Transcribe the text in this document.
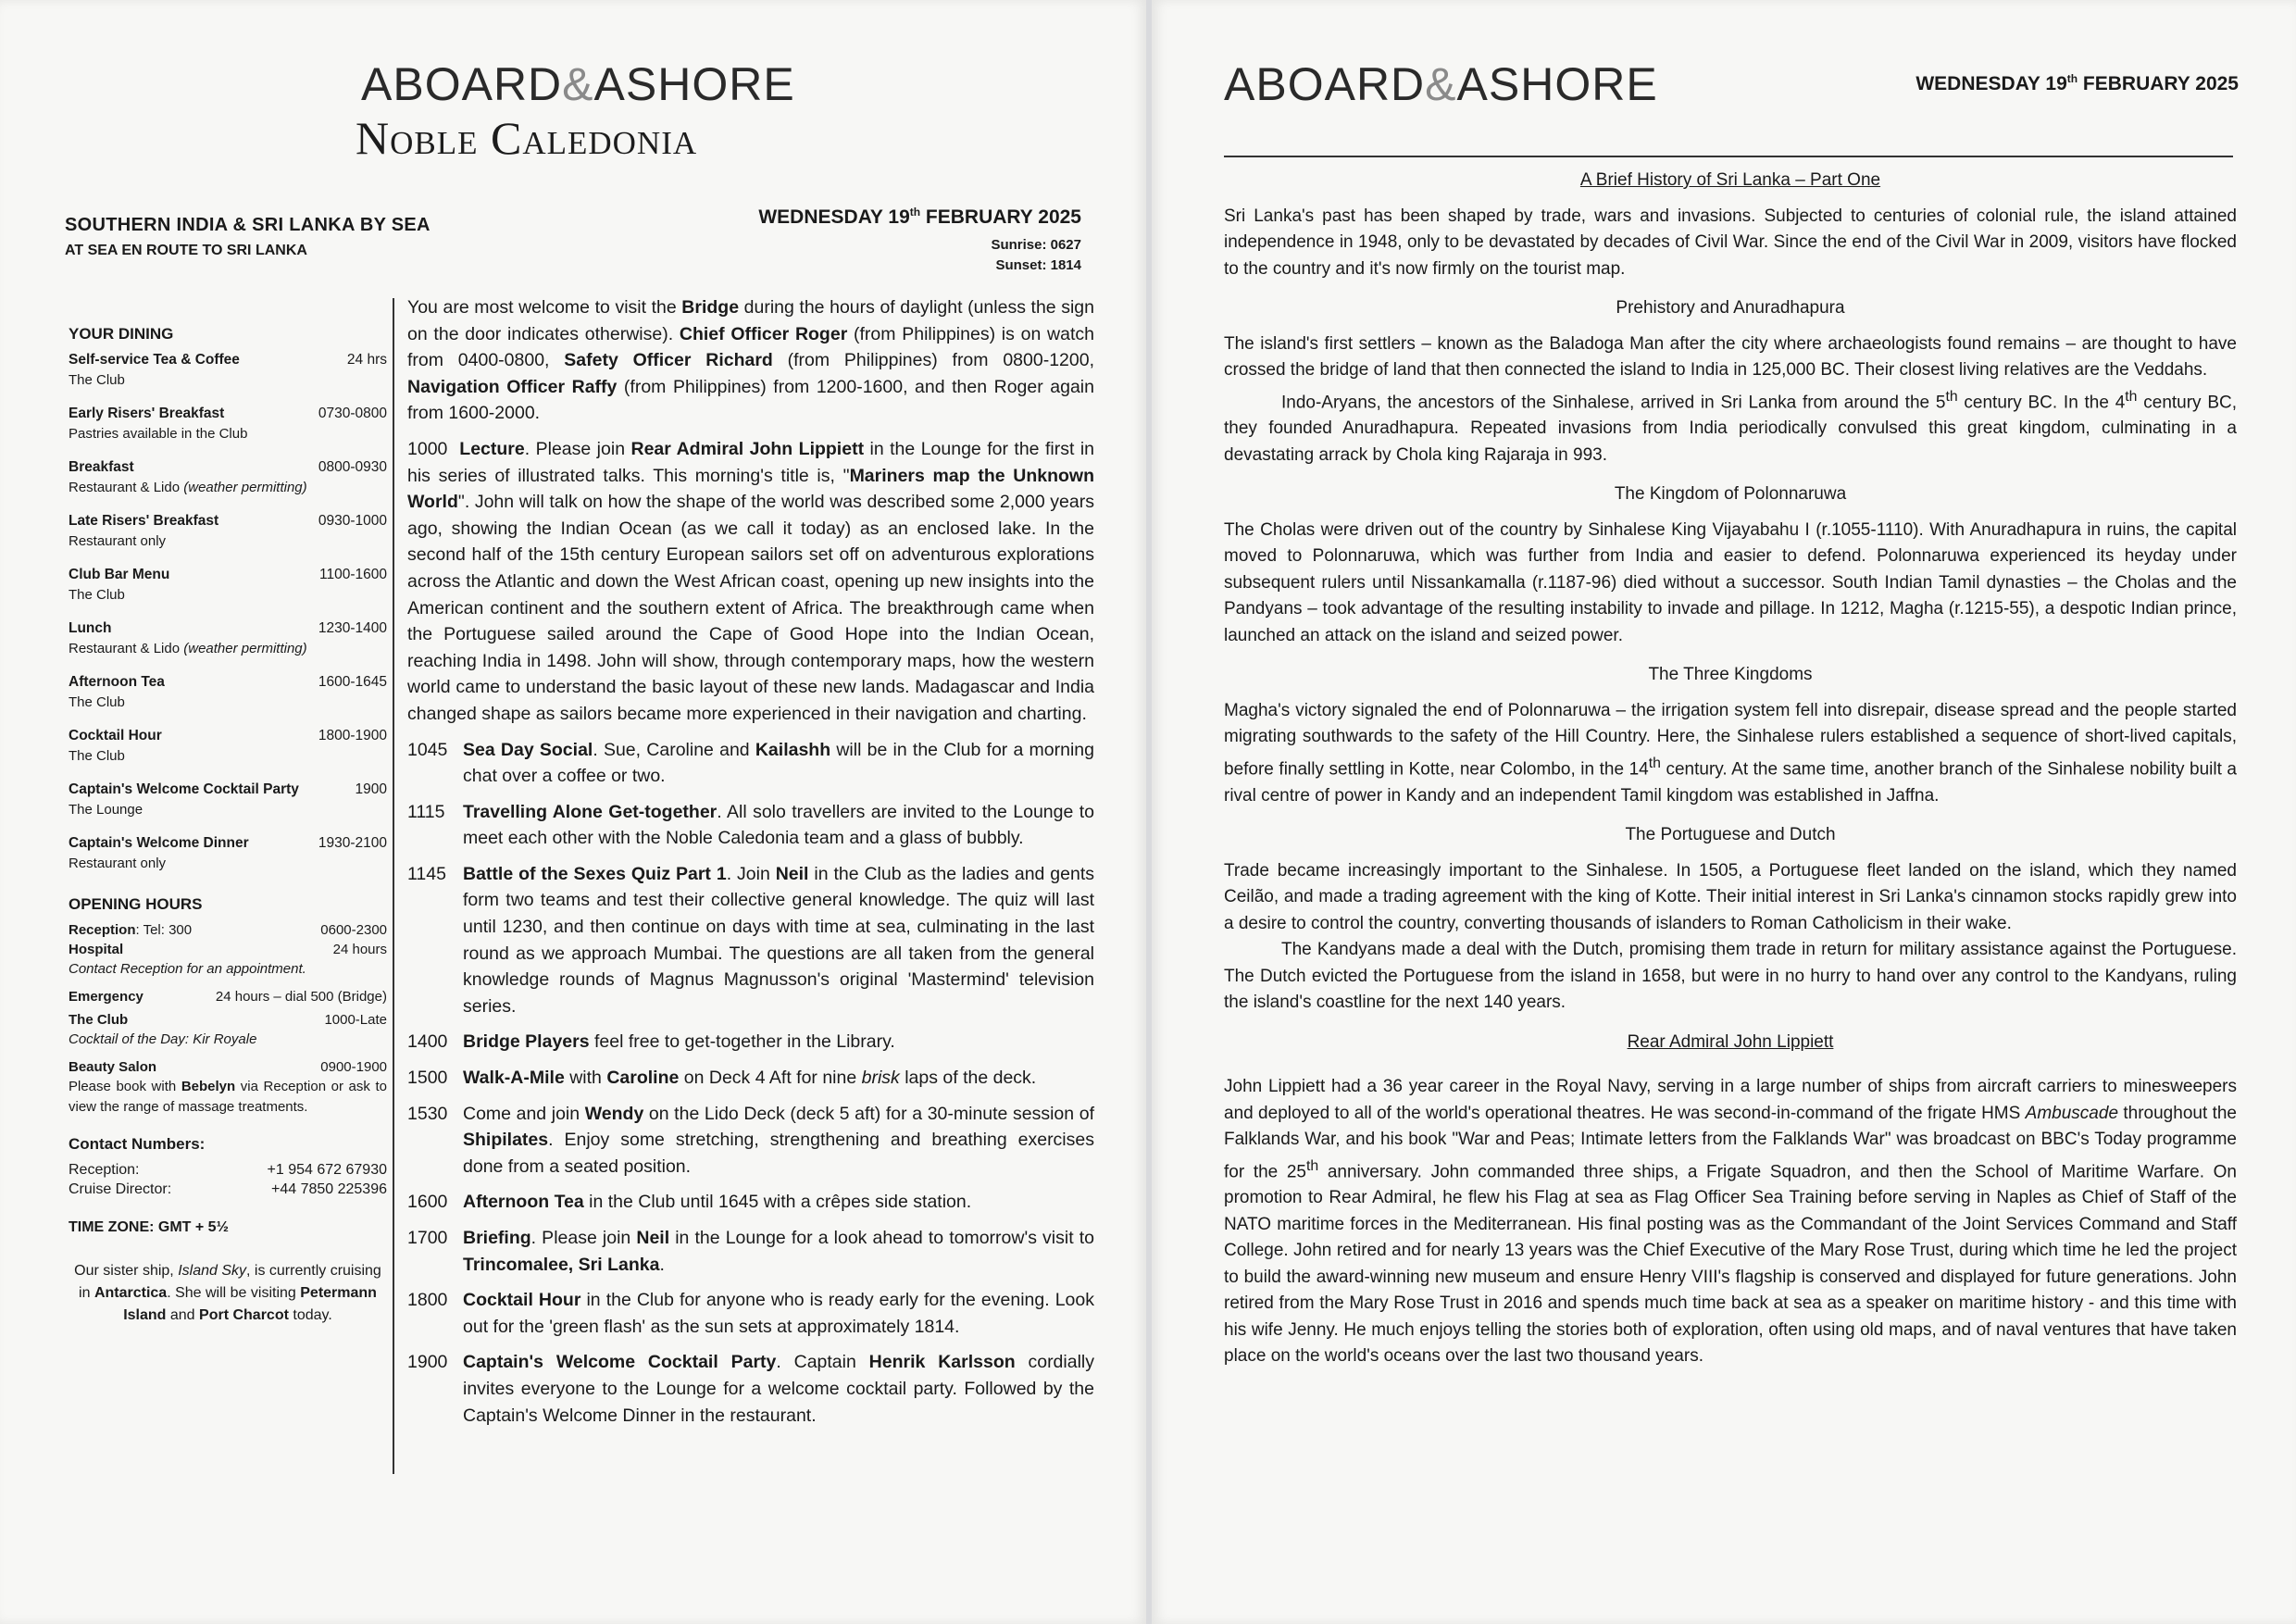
ABOARD&ASHORE
Noble Caledonia
SOUTHERN INDIA & SRI LANKA BY SEA
AT SEA EN ROUTE TO SRI LANKA
WEDNESDAY 19th FEBRUARY 2025
Sunrise: 0627
Sunset: 1814
YOUR DINING
Self-service Tea & Coffee	24 hrs
The Club
Early Risers' Breakfast	0730-0800
Pastries available in the Club
Breakfast	0800-0930
Restaurant & Lido (weather permitting)
Late Risers' Breakfast	0930-1000
Restaurant only
Club Bar Menu	1100-1600
The Club
Lunch	1230-1400
Restaurant & Lido (weather permitting)
Afternoon Tea	1600-1645
The Club
Cocktail Hour	1800-1900
The Club
Captain's Welcome Cocktail Party	1900
The Lounge
Captain's Welcome Dinner	1930-2100
Restaurant only
OPENING HOURS
Reception: Tel: 300	0600-2300
Hospital	24 hours
Contact Reception for an appointment.
Emergency	24 hours – dial 500 (Bridge)
The Club	1000-Late
Cocktail of the Day: Kir Royale
Beauty Salon	0900-1900
Please book with Bebelyn via Reception or ask to view the range of massage treatments.
Contact Numbers:
Reception:	+1 954 672 67930
Cruise Director:	+44 7850 225396
TIME ZONE: GMT + 5½
Our sister ship, Island Sky, is currently cruising in Antarctica. She will be visiting Petermann Island and Port Charcot today.

You are most welcome to visit the Bridge during the hours of daylight (unless the sign on the door indicates otherwise). Chief Officer Roger (from Philippines) is on watch from 0400-0800, Safety Officer Richard (from Philippines) from 0800-1200, Navigation Officer Raffy (from Philippines) from 1200-1600, and then Roger again from 1600-2000.

1000 Lecture. Please join Rear Admiral John Lippiett in the Lounge for the first in his series of illustrated talks. This morning's title is, "Mariners map the Unknown World". John will talk on how the shape of the world was described some 2,000 years ago, showing the Indian Ocean (as we call it today) as an enclosed lake. In the second half of the 15th century European sailors set off on adventurous explorations across the Atlantic and down the West African coast, opening up new insights into the American continent and the southern extent of Africa. The breakthrough came when the Portuguese sailed around the Cape of Good Hope into the Indian Ocean, reaching India in 1498. John will show, through contemporary maps, how the western world came to understand the basic layout of these new lands. Madagascar and India changed shape as sailors became more experienced in their navigation and charting.

1045 Sea Day Social. Sue, Caroline and Kailashh will be in the Club for a morning chat over a coffee or two.
1115	Travelling Alone Get-together. All solo travellers are invited to the Lounge to meet each other with the Noble Caledonia team and a glass of bubbly.
1145 Battle of the Sexes Quiz Part 1. Join Neil in the Club as the ladies and gents form two teams and test their collective general knowledge. The quiz will last until 1230, and then continue on days with time at sea, culminating in the last round as we approach Mumbai. The questions are all taken from the general knowledge rounds of Magnus Magnusson's original 'Mastermind' television series.
1400 Bridge Players feel free to get-together in the Library.
1500 Walk-A-Mile with Caroline on Deck 4 Aft for nine brisk laps of the deck.
1530 Come and join Wendy on the Lido Deck (deck 5 aft) for a 30-minute session of Shipilates. Enjoy some stretching, strengthening and breathing exercises done from a seated position.
1600 Afternoon Tea in the Club until 1645 with a crêpes side station.
1700 Briefing. Please join Neil in the Lounge for a look ahead to tomorrow's visit to Trincomalee, Sri Lanka.
1800 Cocktail Hour in the Club for anyone who is ready early for the evening. Look out for the 'green flash' as the sun sets at approximately 1814.
1900 Captain's Welcome Cocktail Party. Captain Henrik Karlsson cordially invites everyone to the Lounge for a welcome cocktail party. Followed by the Captain's Welcome Dinner in the restaurant.
ABOARD&ASHORE	WEDNESDAY 19th FEBRUARY 2025
A Brief History of Sri Lanka – Part One

Sri Lanka's past has been shaped by trade, wars and invasions. Subjected to centuries of colonial rule, the island attained independence in 1948, only to be devastated by decades of Civil War. Since the end of the Civil War in 2009, visitors have flocked to the country and it's now firmly on the tourist map.

Prehistory and Anuradhapura

The island's first settlers – known as the Baladoga Man after the city where archaeologists found remains – are thought to have crossed the bridge of land that then connected the island to India in 125,000 BC. Their closest living relatives are the Veddahs.

Indo-Aryans, the ancestors of the Sinhalese, arrived in Sri Lanka from around the 5th century BC. In the 4th century BC, they founded Anuradhapura. Repeated invasions from India periodically convulsed this great kingdom, culminating in a devastating arrack by Chola king Rajaraja in 993.

The Kingdom of Polonnaruwa

The Cholas were driven out of the country by Sinhalese King Vijayabahu I (r.1055-1110). With Anuradhapura in ruins, the capital moved to Polonnaruwa, which was further from India and easier to defend. Polonnaruwa experienced its heyday under subsequent rulers until Nissankamalla (r.1187-96) died without a successor. South Indian Tamil dynasties – the Cholas and the Pandyans – took advantage of the resulting instability to invade and pillage. In 1212, Magha (r.1215-55), a despotic Indian prince, launched an attack on the island and seized power.

The Three Kingdoms

Magha's victory signaled the end of Polonnaruwa – the irrigation system fell into disrepair, disease spread and the people started migrating southwards to the safety of the Hill Country. Here, the Sinhalese rulers established a sequence of short-lived capitals, before finally settling in Kotte, near Colombo, in the 14th century. At the same time, another branch of the Sinhalese nobility built a rival centre of power in Kandy and an independent Tamil kingdom was established in Jaffna.

The Portuguese and Dutch

Trade became increasingly important to the Sinhalese. In 1505, a Portuguese fleet landed on the island, which they named Ceilão, and made a trading agreement with the king of Kotte. Their initial interest in Sri Lanka's cinnamon stocks rapidly grew into a desire to control the country, converting thousands of islanders to Roman Catholicism in their wake.

The Kandyans made a deal with the Dutch, promising them trade in return for military assistance against the Portuguese. The Dutch evicted the Portuguese from the island in 1658, but were in no hurry to hand over any control to the Kandyans, ruling the island's coastline for the next 140 years.

Rear Admiral John Lippiett

John Lippiett had a 36 year career in the Royal Navy, serving in a large number of ships from aircraft carriers to minesweepers and deployed to all of the world's operational theatres. He was second-in-command of the frigate HMS Ambuscade throughout the Falklands War, and his book "War and Peas; Intimate letters from the Falklands War" was broadcast on BBC's Today programme for the 25th anniversary. John commanded three ships, a Frigate Squadron, and then the School of Maritime Warfare. On promotion to Rear Admiral, he flew his Flag at sea as Flag Officer Sea Training before serving in Naples as Chief of Staff of the NATO maritime forces in the Mediterranean. His final posting was as the Commandant of the Joint Services Command and Staff College. John retired and for nearly 13 years was the Chief Executive of the Mary Rose Trust, during which time he led the project to build the award-winning new museum and ensure Henry VIII's flagship is conserved and displayed for future generations. John retired from the Mary Rose Trust in 2016 and spends much time back at sea as a speaker on maritime history - and this time with his wife Jenny. He much enjoys telling the stories both of exploration, often using old maps, and of naval ventures that have taken place on the world's oceans over the last two thousand years.
